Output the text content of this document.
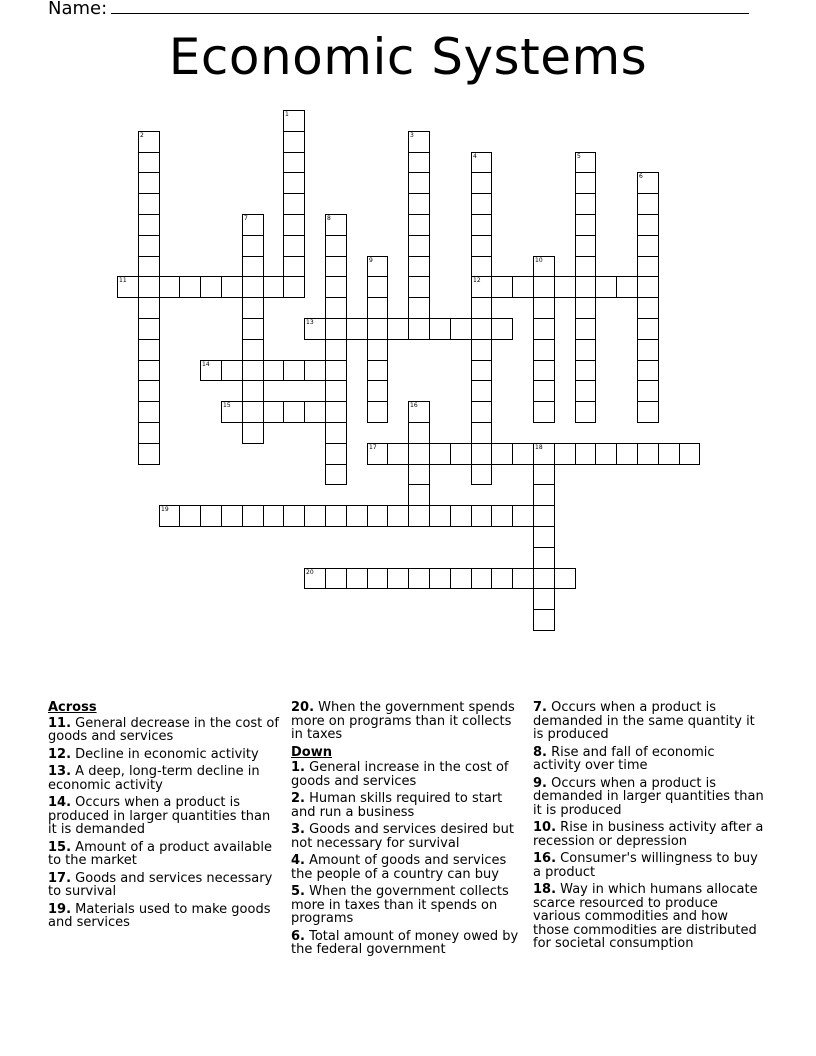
Name:
Economic Systems
1
2	3
4
12
5
6
7	8
9	10
11
13
14
15	16
17	18
19
20
Across
11. General decrease in the cost of goods and services
12. Decline in economic activity
13. A deep, long-term decline in economic activity
14. Occurs when a product is produced in larger quantities than it is demanded
15. Amount of a product available to the market
17. Goods and services necessary to survival
19. Materials used to make goods and services
20. When the government spends more on programs than it collects in taxes
Down
1. General increase in the cost of goods and services
2. Human skills required to start and run a business
3. Goods and services desired but not necessary for survival
4. Amount of goods and services the people of a country can buy
5. When the government collects more in taxes than it spends on programs
6. Total amount of money owed by the federal government
7. Occurs when a product is demanded in the same quantity it is produced
8. Rise and fall of economic activity over time
9. Occurs when a product is demanded in larger quantities than it is produced
10. Rise in business activity after a recession or depression
16. Consumer's willingness to buy a product
18. Way in which humans allocate scarce resourced to produce various commodities and how those commodities are distributed for societal consumption
